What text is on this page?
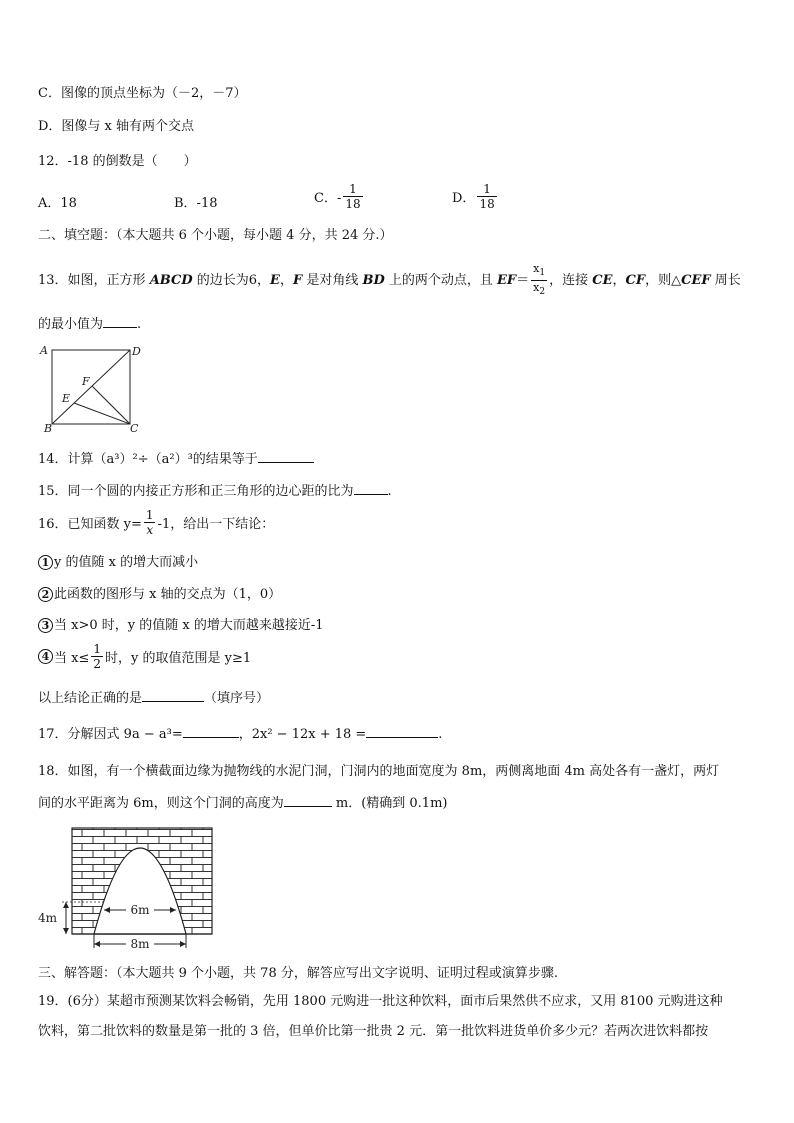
C．图像的顶点坐标为（－2，－7）
D．图像与 x 轴有两个交点
12．-18 的倒数是（　　）
A．18	B．-18	C．- $\frac{1}{18}$	D． $\frac{1}{18}$
二、填空题：（本大题共 6 个小题，每小题 4 分，共 24 分.）
13．如图，正方形 ABCD 的边长为6，E，F 是对角线 BD 上的两个动点，且 $EF= \frac{x_1}{x_2}$ ，连接 CE，CF，则△CEF 周长
的最小值为	.
A	D
F
E
B	C
14．计算（a³）²÷（a²）³的结果等于
15．同一个圆的内接正方形和正三角形的边心距的比为	.
16．已知函数 $y= \frac{1}{x} -1$，给出一下结论：
1 y 的值随 x 的增大而减小
2 此函数的图形与 x 轴的交点为（1，0）
3 当 x>0 时，y 的值随 x 的增大而越来越接近-1
4 当 $x\le \frac{1}{2}$ 时，y 的取值范围是 y≥1
以上结论正确的是	（填序号）
17．分解因式 9a − a³=	，2x² − 12x + 18 =	.
18．如图，有一个横截面边缘为抛物线的水泥门洞，门洞内的地面宽度为 8m，两侧离地面 4m 高处各有一盏灯，两灯
间的水平距离为 6m，则这个门洞的高度为	m．(精确到 0.1m)
6m
4m
8m
三、解答题：（本大题共 9 个小题，共 78 分，解答应写出文字说明、证明过程或演算步骤.
19．(6分）某超市预测某饮料会畅销，先用 1800 元购进一批这种饮料，面市后果然供不应求，又用 8100 元购进这种
饮料，第二批饮料的数量是第一批的 3 倍，但单价比第一批贵 2 元．第一批饮料进货单价多少元？若两次进饮料都按
